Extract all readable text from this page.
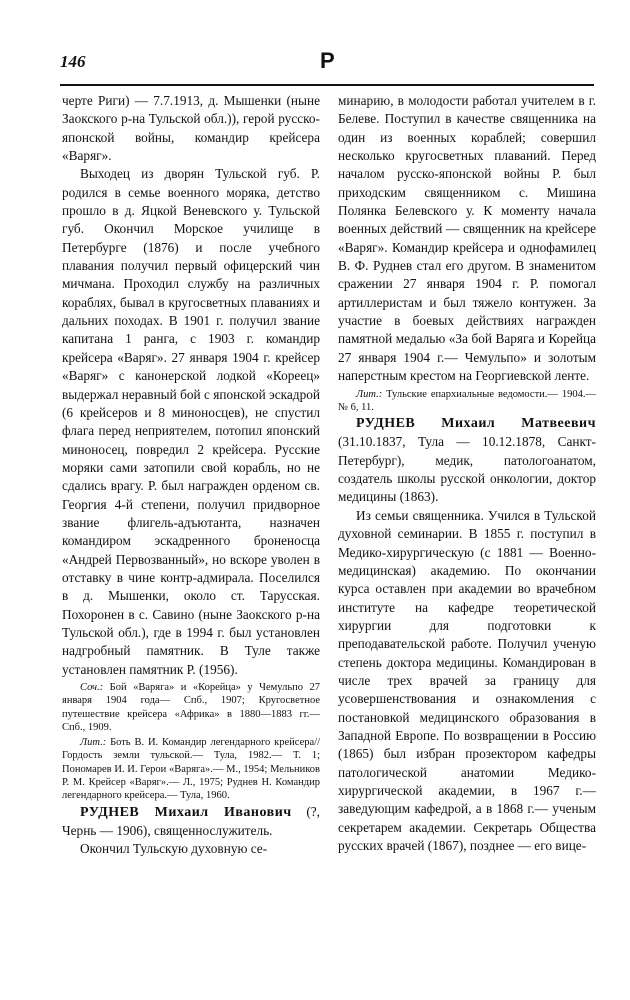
146	Р

черте Риги) — 7.7.1913, д. Мышенки (ныне Заокского р-на Тульской обл.)), герой русско- японской войны, командир крейсера «Варяг».

Выходец из дворян Тульской губ. Р. родился в семье военного моряка, детство прошло в д. Яцкой Веневского у. Тульской губ. Окончил Морское училище в Петербурге (1876) и после учебного плавания получил первый офицерский чин мичмана. Проходил службу на различных кораблях, бывал в кругосветных плаваниях и дальних походах. В 1901 г. получил звание капитана 1 ранга, с 1903 г. командир крейсера «Варяг». 27 января 1904 г. крейсер «Варяг» с канонерской лодкой «Кореец» выдержал неравный бой с японской эскадрой (6 крейсеров и 8 миноносцев), не спустил флага перед неприятелем, потопил японский миноносец, повредил 2 крейсера. Русские моряки сами затопили свой корабль, но не сдались врагу. Р. был награжден орденом св. Георгия 4-й степени, получил придворное звание флигель-адъютанта, назначен командиром эскадренного броненосца «Андрей Первозванный», но вскоре уволен в отставку в чине контр-адмирала. Поселился в д. Мышенки, около ст. Тарусская. Похоронен в с. Савино (ныне Заокского р-на Тульской обл.), где в 1994 г. был установлен надгробный памятник. В Туле также установлен памятник Р. (1956).

Соч.: Бой «Варяга» и «Корейца» у Чемульпо 27 января 1904 года— Спб., 1907; Кругосветное путешествие крейсера «Африка» в 1880—1883 гг.— Спб., 1909.

Лит.: Боть В. И. Командир легендарного крейсера//Гордость земли тульской.— Тула, 1982.— Т. 1; Пономарев И. И. Герои «Варяга».— М., 1954; Мельников Р. М. Крейсер «Варяг».— Л., 1975; Руднев Н. Командир легендарного крейсера.— Тула, 1960.

РУДНЕВ Михаил Иванович (?, Чернь — 1906), священнослужитель.

Окончил Тульскую духовную се-

минарию, в молодости работал учителем в г. Белеве. Поступил в качестве священника на один из военных кораблей; совершил несколько кругосветных плаваний. Перед началом русско-японской войны Р. был приходским священником с. Мишина Полянка Белевского у. К моменту начала военных действий — священник на крейсере «Варяг». Командир крейсера и однофамилец В. Ф. Руднев стал его другом. В знаменитом сражении 27 января 1904 г. Р. помогал артиллеристам и был тяжело контужен. За участие в боевых действиях награжден памятной медалью «За бой Варяга и Корейца 27 января 1904 г.— Чемульпо» и золотым наперстным крестом на Георгиевской ленте.

Лит.: Тульские епархиальные ведомости.— 1904.— № 6, 11.

РУДНЕВ Михаил Матвеевич (31.10.1837, Тула — 10.12.1878, Санкт-Петербург), медик, патологоанатом, создатель школы русской онкологии, доктор медицины (1863).

Из семьи священника. Учился в Тульской духовной семинарии. В 1855 г. поступил в Медико-хирургическую (с 1881 — Военно-медицинская) академию. По окончании курса оставлен при академии во врачебном институте на кафедре теоретической хирургии для подготовки к преподавательской работе. Получил ученую степень доктора медицины. Командирован в числе трех врачей за границу для усовершенствования и ознакомления с постановкой медицинского образования в Западной Европе. По возвращении в Россию (1865) был избран прозектором кафедры патологической анатомии Медико-хирургической академии, в 1967 г.— заведующим кафедрой, а в 1868 г.— ученым секретарем академии. Секретарь Общества русских врачей (1867), позднее — его вице-
